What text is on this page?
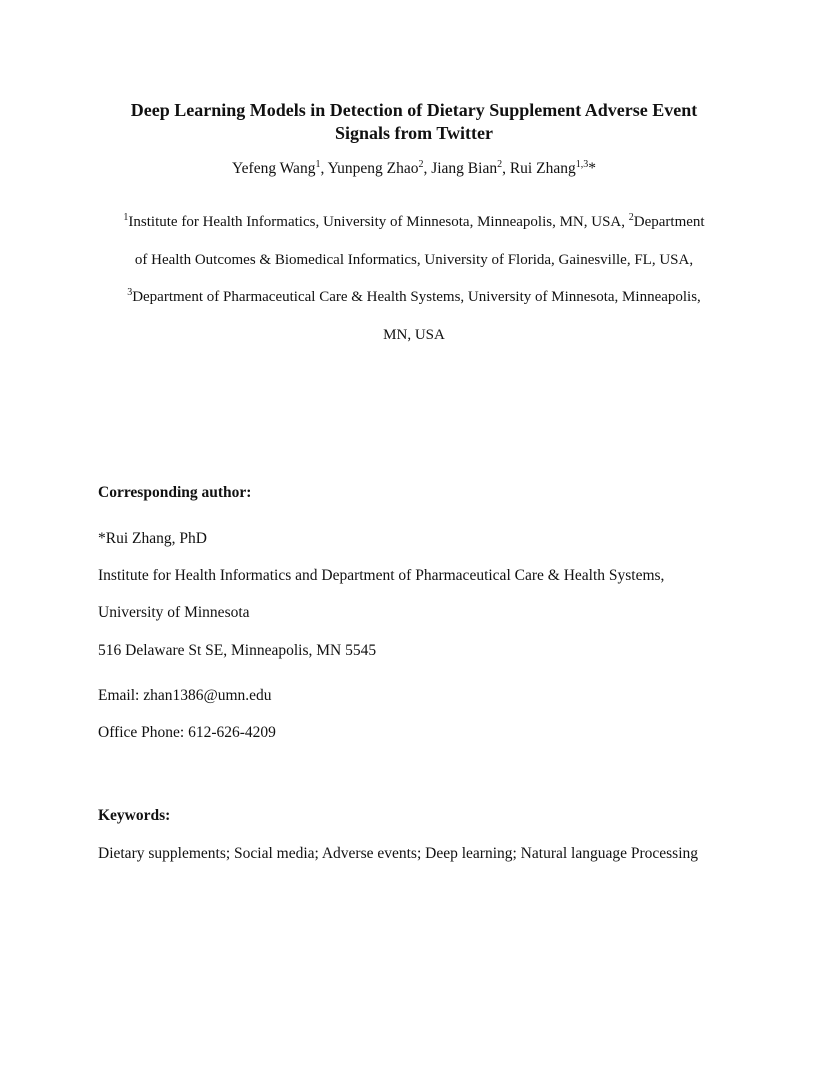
Deep Learning Models in Detection of Dietary Supplement Adverse Event
Signals from Twitter
Yefeng Wang$^1$, Yunpeng Zhao$^2$, Jiang Bian$^2$, Rui Zhang$^{1,3}$*
$^1$Institute for Health Informatics, University of Minnesota, Minneapolis, MN, USA, $^2$Department
of Health Outcomes & Biomedical Informatics, University of Florida, Gainesville, FL, USA,
$^3$Department of Pharmaceutical Care & Health Systems, University of Minnesota, Minneapolis,
MN, USA
Corresponding author:
*Rui Zhang, PhD
Institute for Health Informatics and Department of Pharmaceutical Care & Health Systems,
University of Minnesota
516 Delaware St SE, Minneapolis, MN 5545
Email: zhan1386@umn.edu
Office Phone: 612-626-4209
Keywords:
Dietary supplements; Social media; Adverse events; Deep learning; Natural language Processing
